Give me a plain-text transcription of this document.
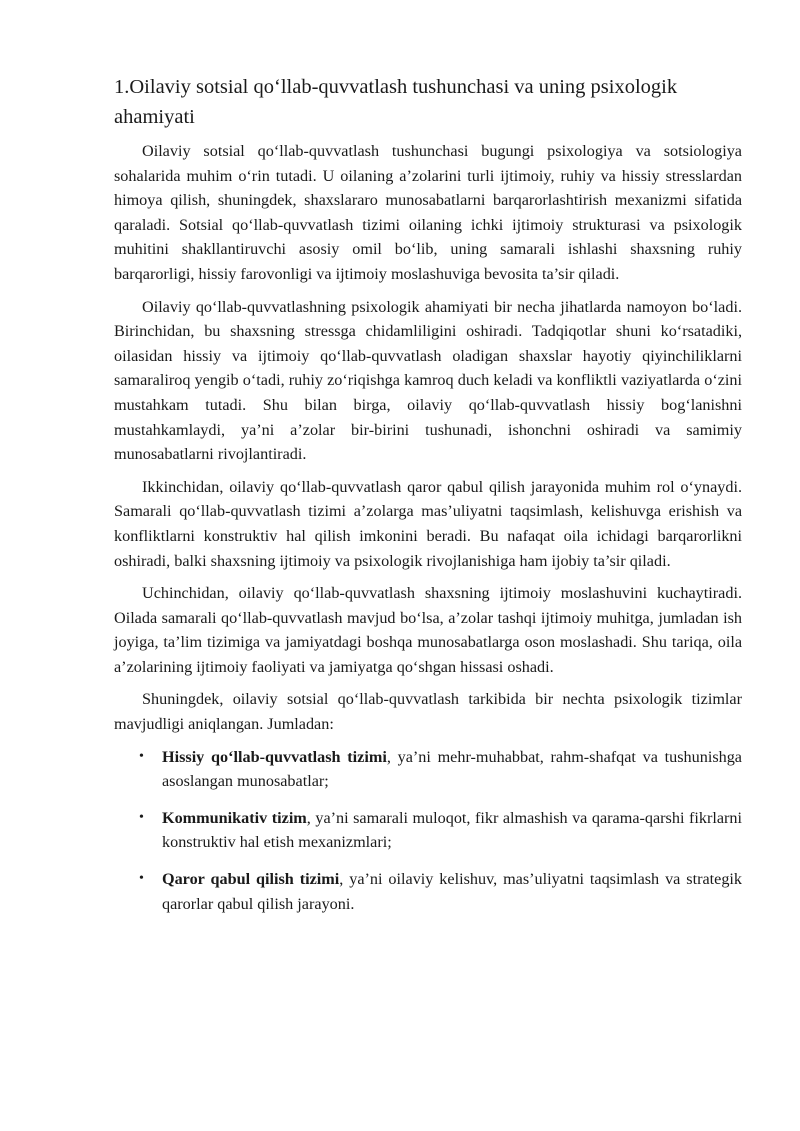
1.Oilaviy sotsial qo‘llab-quvvatlash tushunchasi va uning psixologik ahamiyati

Oilaviy sotsial qo‘llab-quvvatlash tushunchasi bugungi psixologiya va sotsiologiya sohalarida muhim o‘rin tutadi. U oilaning a’zolarini turli ijtimoiy, ruhiy va hissiy stresslardan himoya qilish, shuningdek, shaxslararo munosabatlarni barqarorlashtirish mexanizmi sifatida qaraladi. Sotsial qo‘llab-quvvatlash tizimi oilaning ichki ijtimoiy strukturasi va psixologik muhitini shakllantiruvchi asosiy omil bo‘lib, uning samarali ishlashi shaxsning ruhiy barqarorligi, hissiy farovonligi va ijtimoiy moslashuviga bevosita ta’sir qiladi.

Oilaviy qo‘llab-quvvatlashning psixologik ahamiyati bir necha jihatlarda namoyon bo‘ladi. Birinchidan, bu shaxsning stressga chidamliligini oshiradi. Tadqiqotlar shuni ko‘rsatadiki, oilasidan hissiy va ijtimoiy qo‘llab-quvvatlash oladigan shaxslar hayotiy qiyinchiliklarni samaraliroq yengib o‘tadi, ruhiy zo‘riqishga kamroq duch keladi va konfliktli vaziyatlarda o‘zini mustahkam tutadi. Shu bilan birga, oilaviy qo‘llab-quvvatlash hissiy bog‘lanishni mustahkamlaydi, ya’ni a’zolar bir-birini tushunadi, ishonchni oshiradi va samimiy munosabatlarni rivojlantiradi.

Ikkinchidan, oilaviy qo‘llab-quvvatlash qaror qabul qilish jarayonida muhim rol o‘ynaydi. Samarali qo‘llab-quvvatlash tizimi a’zolarga mas’uliyatni taqsimlash, kelishuvga erishish va konfliktlarni konstruktiv hal qilish imkonini beradi. Bu nafaqat oila ichidagi barqarorlikni oshiradi, balki shaxsning ijtimoiy va psixologik rivojlanishiga ham ijobiy ta’sir qiladi.

Uchinchidan, oilaviy qo‘llab-quvvatlash shaxsning ijtimoiy moslashuvini kuchaytiradi. Oilada samarali qo‘llab-quvvatlash mavjud bo‘lsa, a’zolar tashqi ijtimoiy muhitga, jumladan ish joyiga, ta’lim tizimiga va jamiyatdagi boshqa munosabatlarga oson moslashadi. Shu tariqa, oila a’zolarining ijtimoiy faoliyati va jamiyatga qo‘shgan hissasi oshadi.

Shuningdek, oilaviy sotsial qo‘llab-quvvatlash tarkibida bir nechta psixologik tizimlar mavjudligi aniqlangan. Jumladan:

• Hissiy qo‘llab-quvvatlash tizimi, ya’ni mehr-muhabbat, rahm-shafqat va tushunishga asoslangan munosabatlar;
• Kommunikativ tizim, ya’ni samarali muloqot, fikr almashish va qarama-qarshi fikrlarni konstruktiv hal etish mexanizmlari;
• Qaror qabul qilish tizimi, ya’ni oilaviy kelishuv, mas’uliyatni taqsimlash va strategik qarorlar qabul qilish jarayoni.
